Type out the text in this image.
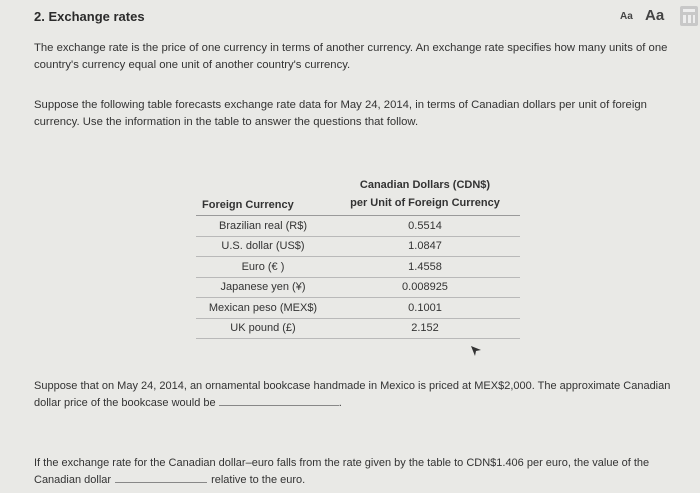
2. Exchange rates	Aa Aa
The exchange rate is the price of one currency in terms of another currency. An exchange rate specifies how many units of one country's currency equal one unit of another country's currency.
Suppose the following table forecasts exchange rate data for May 24, 2014, in terms of Canadian dollars per unit of foreign currency. Use the information in the table to answer the questions that follow.
Foreign Currency	Canadian Dollars (CDN$)
per Unit of Foreign Currency

Brazilian real (R$)	0.5514
U.S. dollar (US$)	1.0847
Euro (€ )	1.4558
Japanese yen (¥)	0.008925
Mexican peso (MEX$)	0.1001
UK pound (£)	2.152
Suppose that on May 24, 2014, an ornamental bookcase handmade in Mexico is priced at MEX$2,000. The approximate Canadian dollar price of the bookcase would be	.
If the exchange rate for the Canadian dollar–euro falls from the rate given by the table to CDN$1.406 per euro, the value of the Canadian dollar	relative to the euro.
